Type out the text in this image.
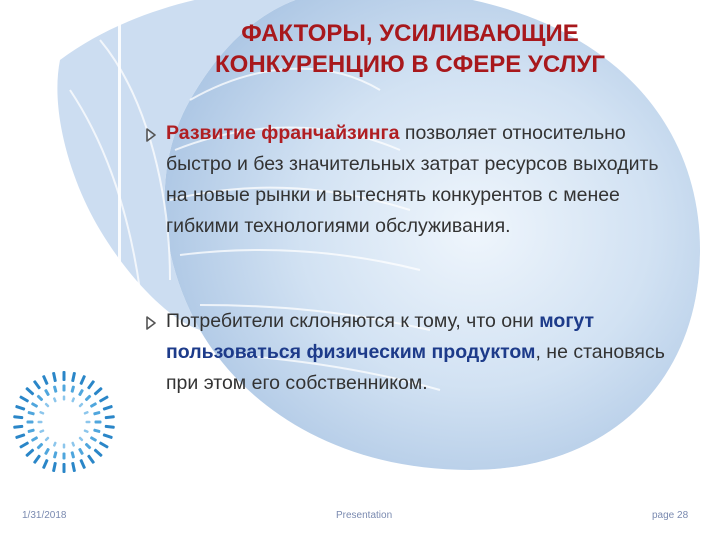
ФАКТОРЫ, УСИЛИВАЮЩИЕ
КОНКУРЕНЦИЮ В СФЕРЕ УСЛУГ
Развитие франчайзинга позволяет относительно быстро и без значительных затрат ресурсов выходить на новые рынки и вытеснять конкурентов с менее гибкими технологиями обслуживания.
Потребители склоняются к тому, что они могут пользоваться физическим продуктом, не становясь при этом его собственником.
1/31/2018	Presentation	page 28
